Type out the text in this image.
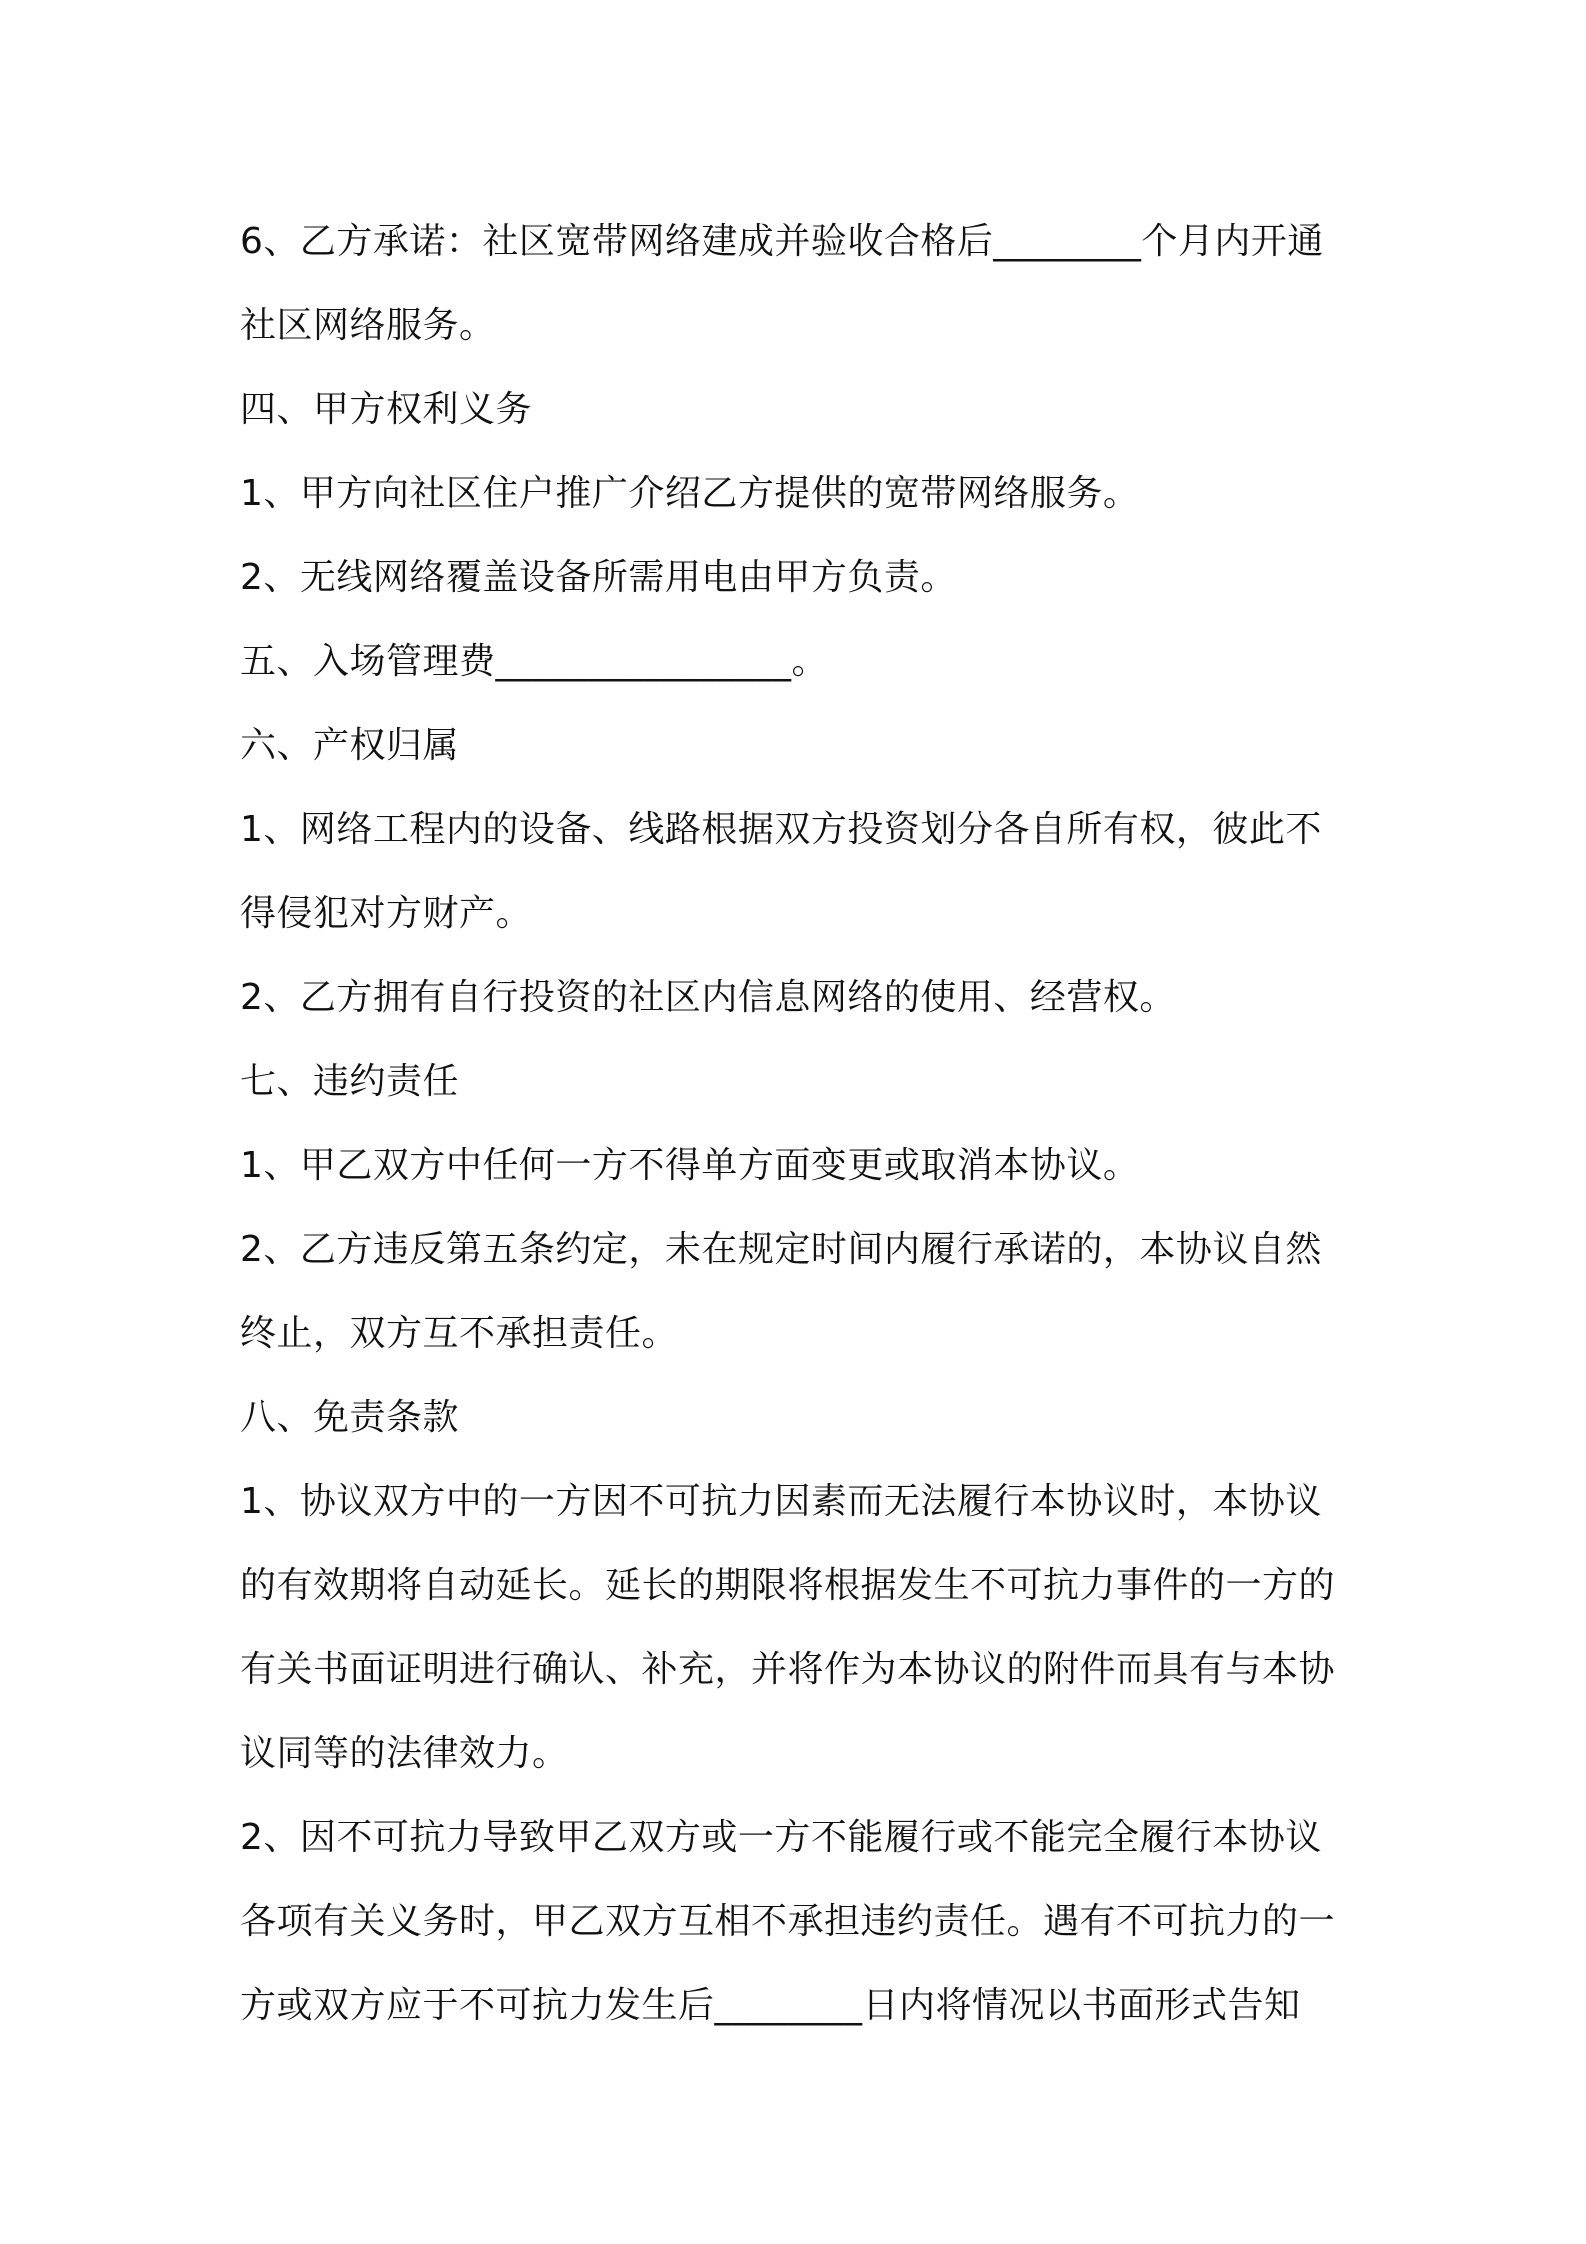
6、乙方承诺：社区宽带网络建成并验收合格后________个月内开通
社区网络服务。
四、甲方权利义务
1、甲方向社区住户推广介绍乙方提供的宽带网络服务。
2、无线网络覆盖设备所需用电由甲方负责。
五、入场管理费________________。
六、产权归属
1、网络工程内的设备、线路根据双方投资划分各自所有权，彼此不
得侵犯对方财产。
2、乙方拥有自行投资的社区内信息网络的使用、经营权。
七、违约责任
1、甲乙双方中任何一方不得单方面变更或取消本协议。
2、乙方违反第五条约定，未在规定时间内履行承诺的，本协议自然
终止，双方互不承担责任。
八、免责条款
1、协议双方中的一方因不可抗力因素而无法履行本协议时，本协议
的有效期将自动延长。延长的期限将根据发生不可抗力事件的一方的
有关书面证明进行确认、补充，并将作为本协议的附件而具有与本协
议同等的法律效力。
2、因不可抗力导致甲乙双方或一方不能履行或不能完全履行本协议
各项有关义务时，甲乙双方互相不承担违约责任。遇有不可抗力的一
方或双方应于不可抗力发生后________日内将情况以书面形式告知
